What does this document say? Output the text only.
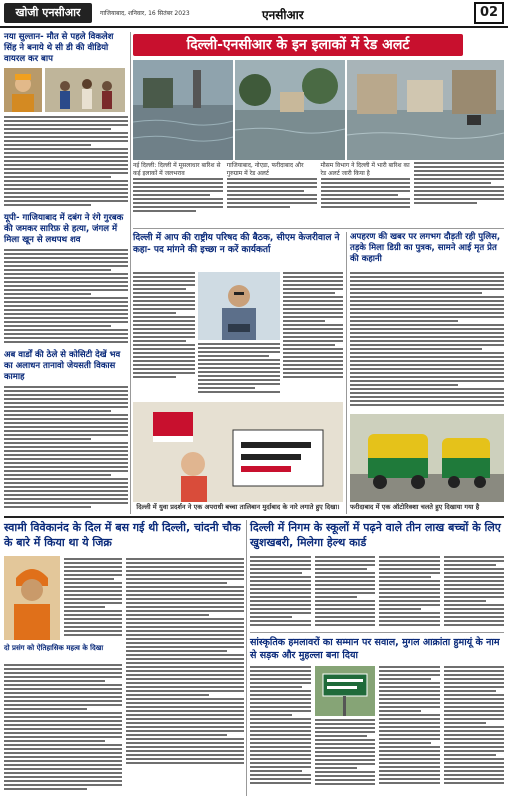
खोजी एनसीआर	गाजियाबाद, शनिवार, 16 सितंबर 2023	एनसीआर	02
नया सुल्तान- मौत से पहले विकलेश सिंह ने बनाये थे सी डी की वीडियो वायरल कर बाप
यूपी- गाजियाबाद में दबंग ने रंगे गुरबक की जमकर सारिफ़ से हत्या, जंगल में मिला खून से लथपथ शव
अब वार्डों की ठेले से कोसिटी देखें भव का अलाधन तानावो जेयसती विकास कामाह
दिल्ली-एनसीआर के इन इलाकों में रेड अलर्ट
नई दिल्ली: दिल्ली में मूसलाधार बारिश से कई इलाकों में जलभराव
गाजियाबाद, नोएडा, फरीदाबाद और गुरुग्राम में रेड अलर्ट
मौसम विभाग ने दिल्ली में भारी बारिश का रेड अलर्ट जारी किया है
दिल्ली में आप की राष्ट्रीय परिषद की बैठक, सीएम केजरीवाल ने कहा- पद मांगने की इच्छा न करें कार्यकर्ता
अपहरण की खबर पर लगभग दौड़ती रही पुलिस, तड़के मिला डिग्री का पुत्रक, सामने आई मृत प्रेत की कहानी
दिल्ली में युवा प्रदर्शन ने एक अपराधी बच्चा तालिबान मुर्दाबाद के नारे लगाते हुए दिखा।	फरीदाबाद में एक ऑटोरिक्शा चलते हुए दिखाया गया है
स्वामी विवेकानंद के दिल में बस गई थी दिल्ली, चांदनी चौक के बारे में किया था ये जिक्र
दिल्ली में निगम के स्कूलों में पढ़ने वाले तीन लाख बच्चों के लिए खुशखबरी, मिलेगा हेल्थ कार्ड
दो प्रसंग को ऐतिहासिक महत्व के दिखा	सांस्कृतिक हमलावरों का सम्मान पर सवाल, मुगल आक्रांता हुमायूं के नाम से सड़क और मुहल्ला बना दिया
